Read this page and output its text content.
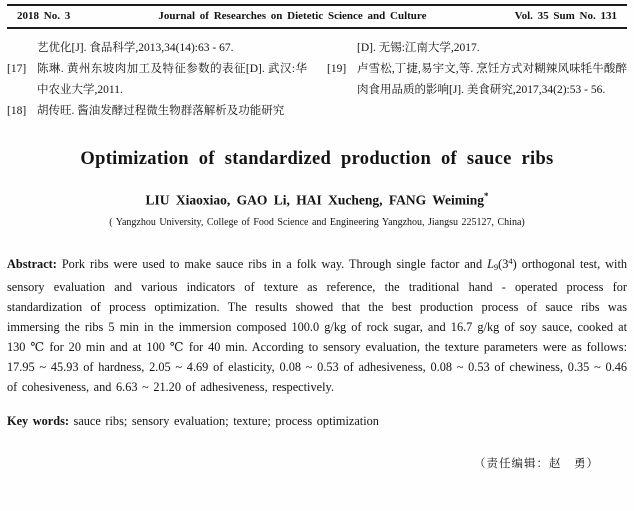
2018 No. 3	Journal of Researches on Dietetic Science and Culture	Vol. 35 Sum No. 131
艺优化[J]. 食品科学,2013,34(14):63 - 67.
[17] 陈琳. 黄州东坡肉加工及特征参数的表征[D]. 武汉:华中农业大学,2011.
[18] 胡传旺. 酱油发酵过程微生物群落解析及功能研究
[D]. 无锡:江南大学,2017.
[19] 卢雪松,丁捷,易宇文,等. 烹饪方式对糊辣风味牦牛酸醉肉食用品质的影响[J]. 美食研究,2017,34(2):53 - 56.
Optimization of standardized production of sauce ribs
LIU Xiaoxiao, GAO Li, HAI Xucheng, FANG Weiming*
( Yangzhou University, College of Food Science and Engineering Yangzhou, Jiangsu 225127, China)

Abstract: Pork ribs were used to make sauce ribs in a folk way. Through single factor and $L_9(3^4)$ orthogonal test, with sensory evaluation and various indicators of texture as reference, the traditional hand - operated process for standardization of process optimization. The results showed that the best production process of sauce ribs was immersing the ribs 5 min in the immersion composed 100.0 g/kg of rock sugar, and 16.7 g/kg of soy sauce, cooked at 130 ℃ for 20 min and at 100 ℃ for 40 min. According to sensory evaluation, the texture parameters were as follows: 17.95 ~ 45.93 of hardness, 2.05 ~ 4.69 of elasticity, 0.08 ~ 0.53 of adhesiveness, 0.08 ~ 0.53 of chewiness, 0.35 ~ 0.46 of cohesiveness, and 6.63 ~ 21.20 of adhesiveness, respectively.

Key words: sauce ribs; sensory evaluation; texture; process optimization

（责任编辑：赵　勇）
